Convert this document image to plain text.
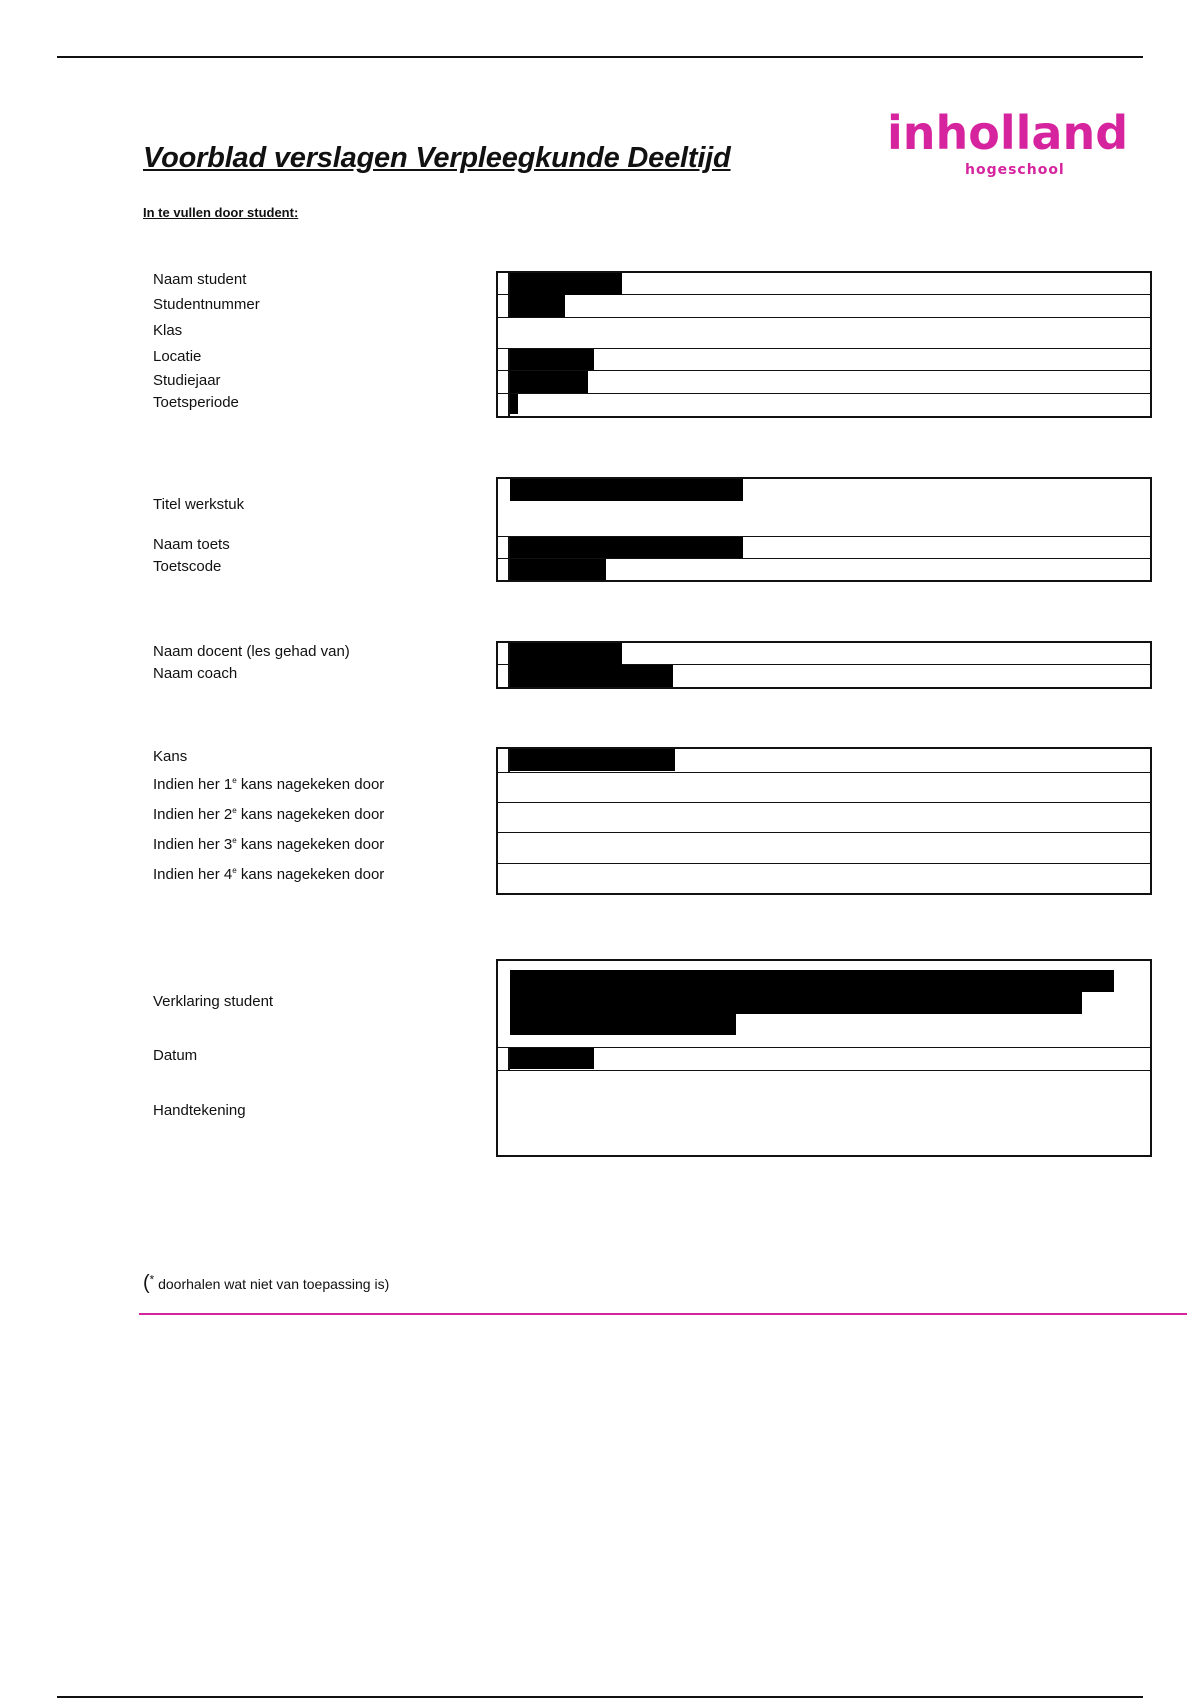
Voorblad verslagen Verpleegkunde Deeltijd

In te vullen door student:

inholland
hogeschool
Naam student
Studentnummer
Klas
Locatie
Studiejaar
Toetsperiode
Titel werkstuk
Naam toets
Toetscode
Naam docent (les gehad van)
Naam coach
Kans
Indien her 1e kans nagekeken door
Indien her 2e kans nagekeken door
Indien her 3e kans nagekeken door
Indien her 4e kans nagekeken door
Verklaring student
Datum
Handtekening
(* doorhalen wat niet van toepassing is)
